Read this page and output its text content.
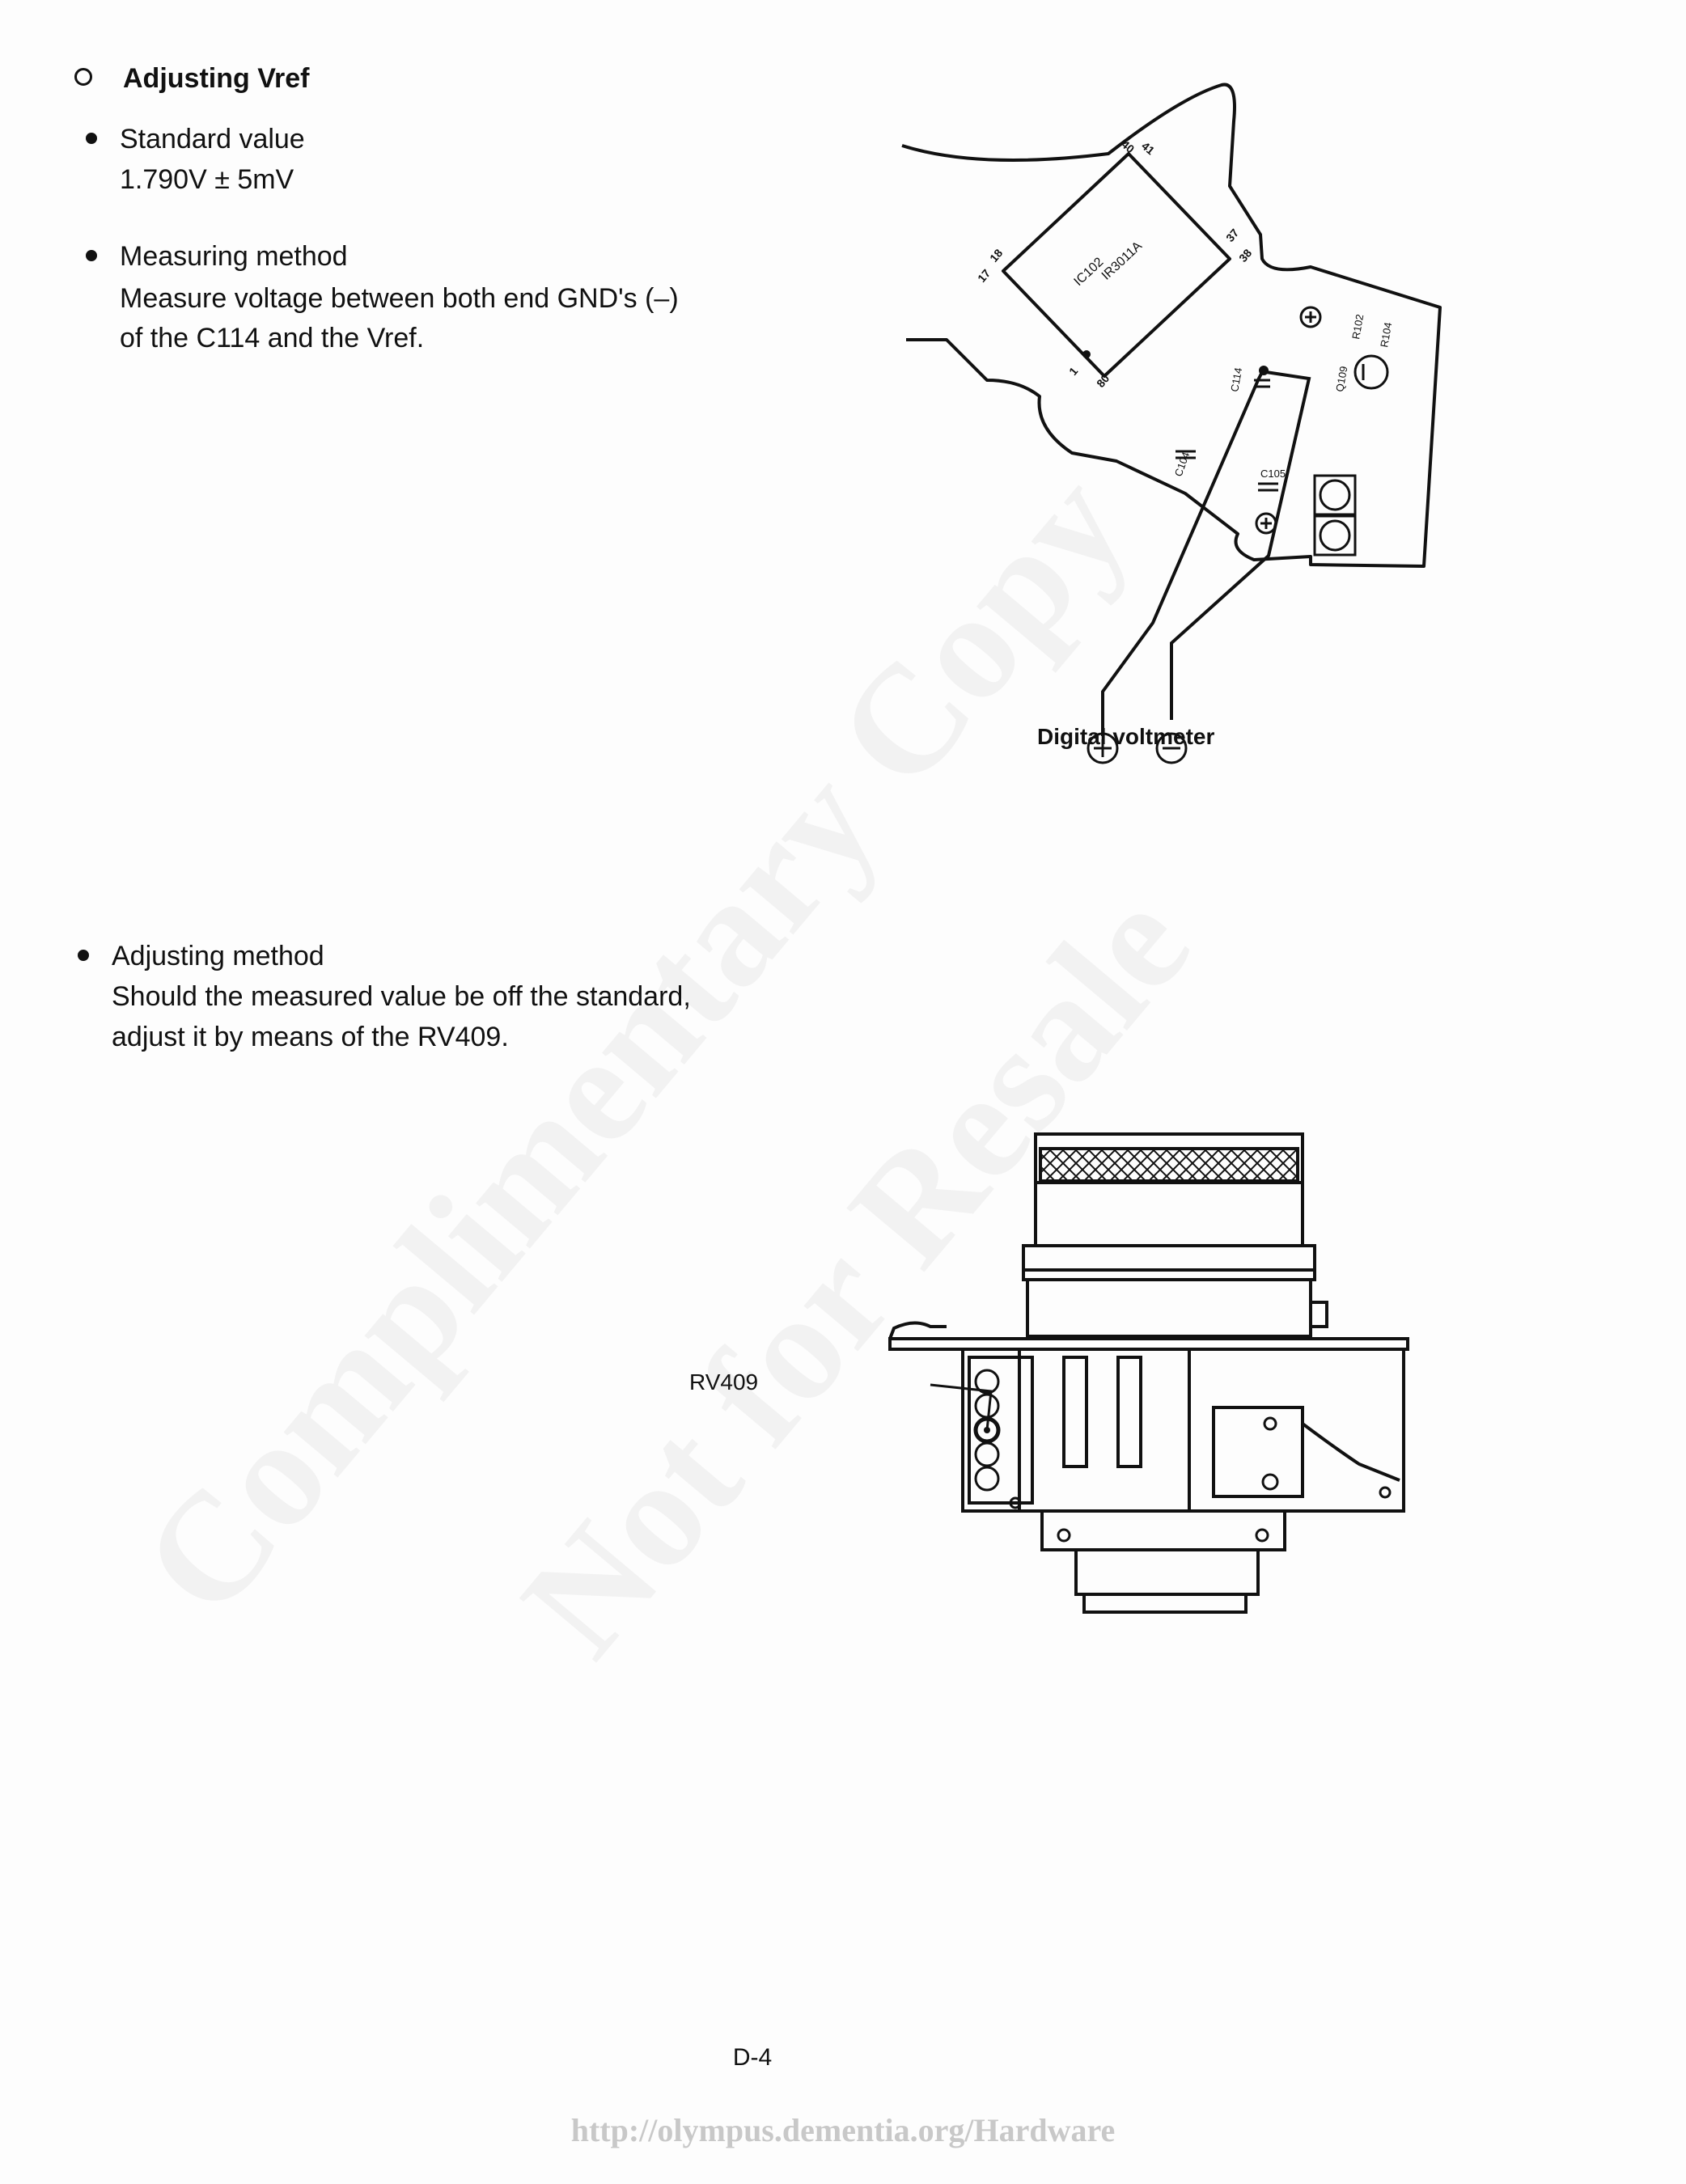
Adjusting Vref
Standard value
1.790V ± 5mV
Measuring method
Measure voltage between both end GND's (–)
of the C114 and the Vref.
Adjusting method
Should the measured value be off the standard,
adjust it by means of the RV409.
IC102
IR3011A
40 41
37
38
17
18
1
80	C114
C104	C105
Q109
R102 R104
Digital voltmeter
RV409
D-4
http://olympus.dementia.org/Hardware
